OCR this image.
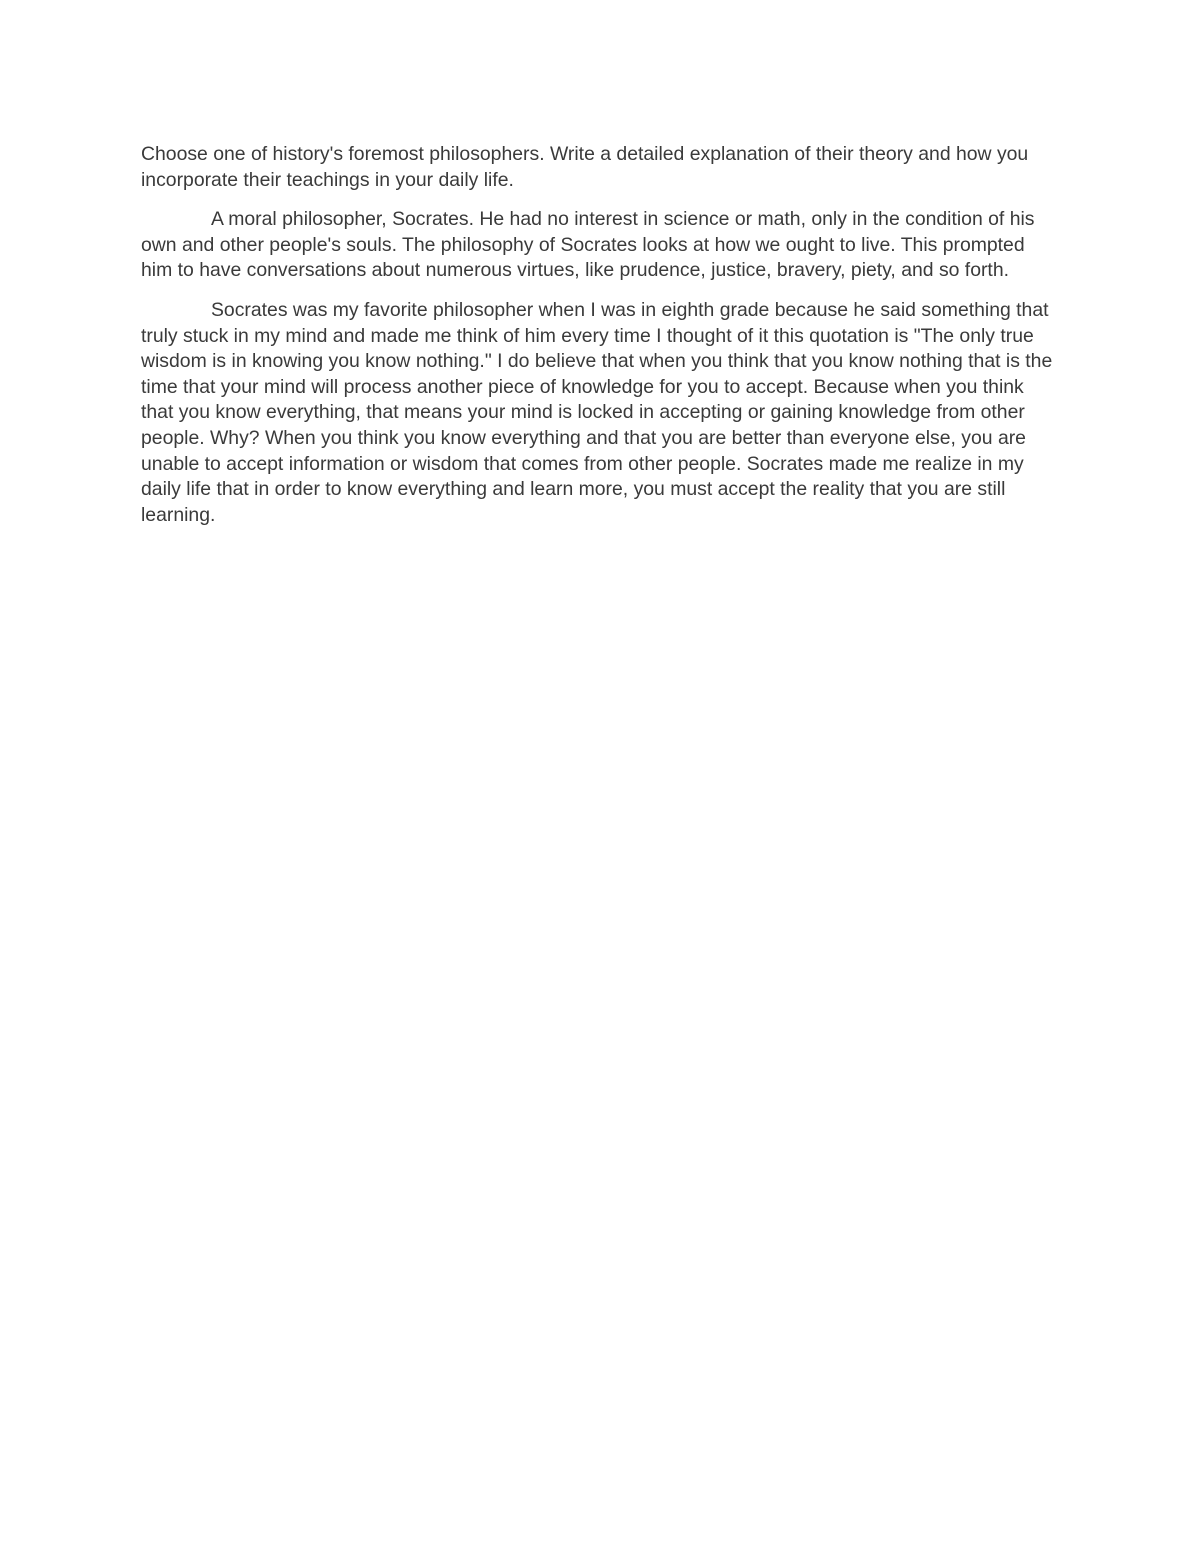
Choose one of history's foremost philosophers. Write a detailed explanation of their theory and how you incorporate their teachings in your daily life.

A moral philosopher, Socrates. He had no interest in science or math, only in the condition of his own and other people's souls. The philosophy of Socrates looks at how we ought to live. This prompted him to have conversations about numerous virtues, like prudence, justice, bravery, piety, and so forth.

Socrates was my favorite philosopher when I was in eighth grade because he said something that truly stuck in my mind and made me think of him every time I thought of it this quotation is "The only true wisdom is in knowing you know nothing." I do believe that when you think that you know nothing that is the time that your mind will process another piece of knowledge for you to accept. Because when you think that you know everything, that means your mind is locked in accepting or gaining knowledge from other people. Why? When you think you know everything and that you are better than everyone else, you are unable to accept information or wisdom that comes from other people. Socrates made me realize in my daily life that in order to know everything and learn more, you must accept the reality that you are still learning.
